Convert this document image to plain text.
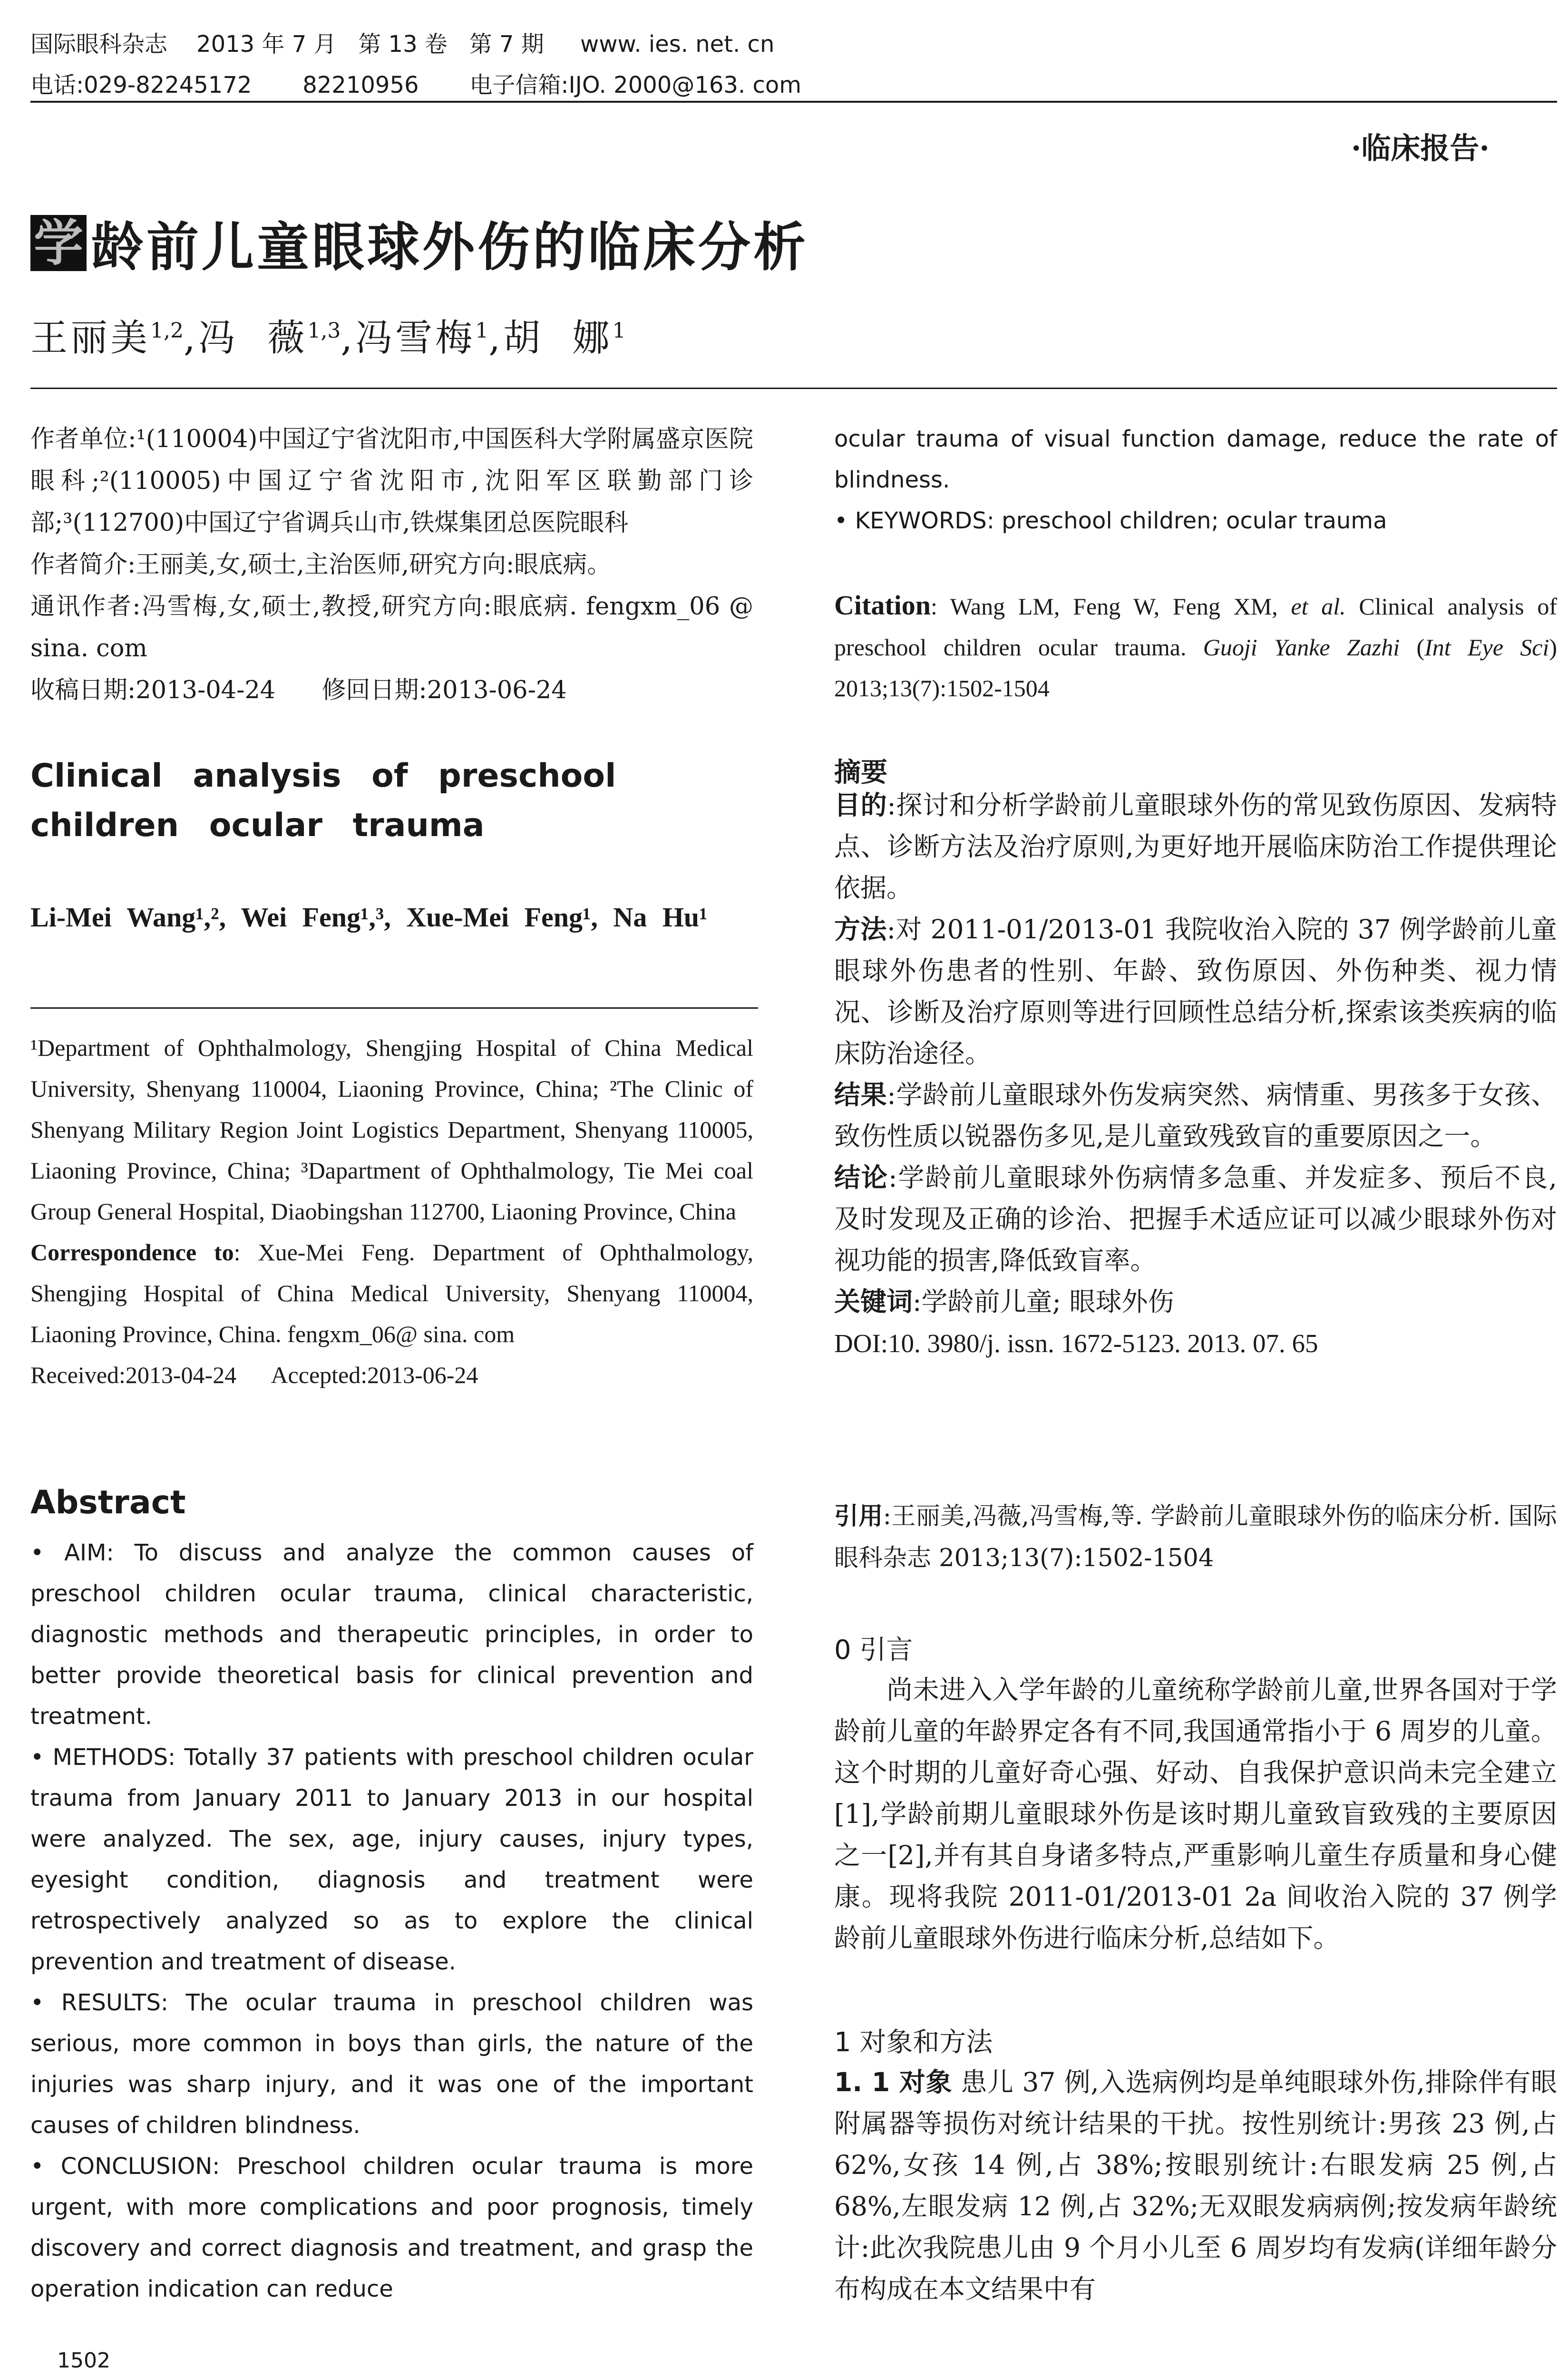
国际眼科杂志    2013 年 7 月   第 13 卷   第 7 期     www. ies. net. cn
电话:029-82245172       82210956       电子信箱:IJO. 2000@163. com
·临床报告·
学 龄前儿童眼球外伤的临床分析
王丽美$^{1,2}$,冯  薇$^{1,3}$,冯雪梅$^1$,胡  娜$^1$

作者单位:¹(110004)中国辽宁省沈阳市,中国医科大学附属盛京医院眼科;²(110005)中国辽宁省沈阳市,沈阳军区联勤部门诊部;³(112700)中国辽宁省调兵山市,铁煤集团总医院眼科

作者简介:王丽美,女,硕士,主治医师,研究方向:眼底病。

通讯作者:冯雪梅,女,硕士,教授,研究方向:眼底病. fengxm_06 @ sina. com

收稿日期:2013-04-24      修回日期:2013-06-24

Clinical analysis of preschool children ocular trauma
Li-Mei Wang¹,², Wei Feng¹,³, Xue-Mei Feng¹, Na Hu¹

¹Department of Ophthalmology, Shengjing Hospital of China Medical University, Shenyang 110004, Liaoning Province, China; ²The Clinic of Shenyang Military Region Joint Logistics Department, Shenyang 110005, Liaoning Province, China; ³Dapartment of Ophthalmology, Tie Mei coal Group General Hospital, Diaobingshan 112700, Liaoning Province, China

Correspondence to: Xue-Mei Feng. Department of Ophthalmology, Shengjing Hospital of China Medical University, Shenyang 110004, Liaoning Province, China. fengxm_06@ sina. com

Received:2013-04-24      Accepted:2013-06-24

Abstract

• AIM: To discuss and analyze the common causes of preschool children ocular trauma, clinical characteristic, diagnostic methods and therapeutic principles, in order to better provide theoretical basis for clinical prevention and treatment.

• METHODS: Totally 37 patients with preschool children ocular trauma from January 2011 to January 2013 in our hospital were analyzed. The sex, age, injury causes, injury types, eyesight condition, diagnosis and treatment were retrospectively analyzed so as to explore the clinical prevention and treatment of disease.

• RESULTS: The ocular trauma in preschool children was serious, more common in boys than girls, the nature of the injuries was sharp injury, and it was one of the important causes of children blindness.

• CONCLUSION: Preschool children ocular trauma is more urgent, with more complications and poor prognosis, timely discovery and correct diagnosis and treatment, and grasp the operation indication can reduce

1502

ocular trauma of visual function damage, reduce the rate of blindness.

• KEYWORDS: preschool children; ocular trauma

Citation: Wang LM, Feng W, Feng XM, et al. Clinical analysis of preschool children ocular trauma. Guoji Yanke Zazhi (Int Eye Sci) 2013;13(7):1502-1504

摘要

目的:探讨和分析学龄前儿童眼球外伤的常见致伤原因、发病特点、诊断方法及治疗原则,为更好地开展临床防治工作提供理论依据。

方法:对 2011-01/2013-01 我院收治入院的 37 例学龄前儿童眼球外伤患者的性别、年龄、致伤原因、外伤种类、视力情况、诊断及治疗原则等进行回顾性总结分析,探索该类疾病的临床防治途径。

结果:学龄前儿童眼球外伤发病突然、病情重、男孩多于女孩、致伤性质以锐器伤多见,是儿童致残致盲的重要原因之一。

结论:学龄前儿童眼球外伤病情多急重、并发症多、预后不良,及时发现及正确的诊治、把握手术适应证可以减少眼球外伤对视功能的损害,降低致盲率。

关键词:学龄前儿童; 眼球外伤

DOI:10. 3980/j. issn. 1672-5123. 2013. 07. 65

引用:王丽美,冯薇,冯雪梅,等. 学龄前儿童眼球外伤的临床分析. 国际眼科杂志 2013;13(7):1502-1504
0 引言
尚未进入入学年龄的儿童统称学龄前儿童,世界各国对于学龄前儿童的年龄界定各有不同,我国通常指小于 6 周岁的儿童。这个时期的儿童好奇心强、好动、自我保护意识尚未完全建立[1],学龄前期儿童眼球外伤是该时期儿童致盲致残的主要原因之一[2],并有其自身诸多特点,严重影响儿童生存质量和身心健康。现将我院 2011-01/2013-01 2a 间收治入院的 37 例学龄前儿童眼球外伤进行临床分析,总结如下。
1 对象和方法
1. 1 对象 患儿 37 例,入选病例均是单纯眼球外伤,排除伴有眼附属器等损伤对统计结果的干扰。按性别统计:男孩 23 例,占 62%,女孩 14 例,占 38%;按眼别统计:右眼发病 25 例,占 68%,左眼发病 12 例,占 32%;无双眼发病病例;按发病年龄统计:此次我院患儿由 9 个月小儿至 6 周岁均有发病(详细年龄分布构成在本文结果中有
